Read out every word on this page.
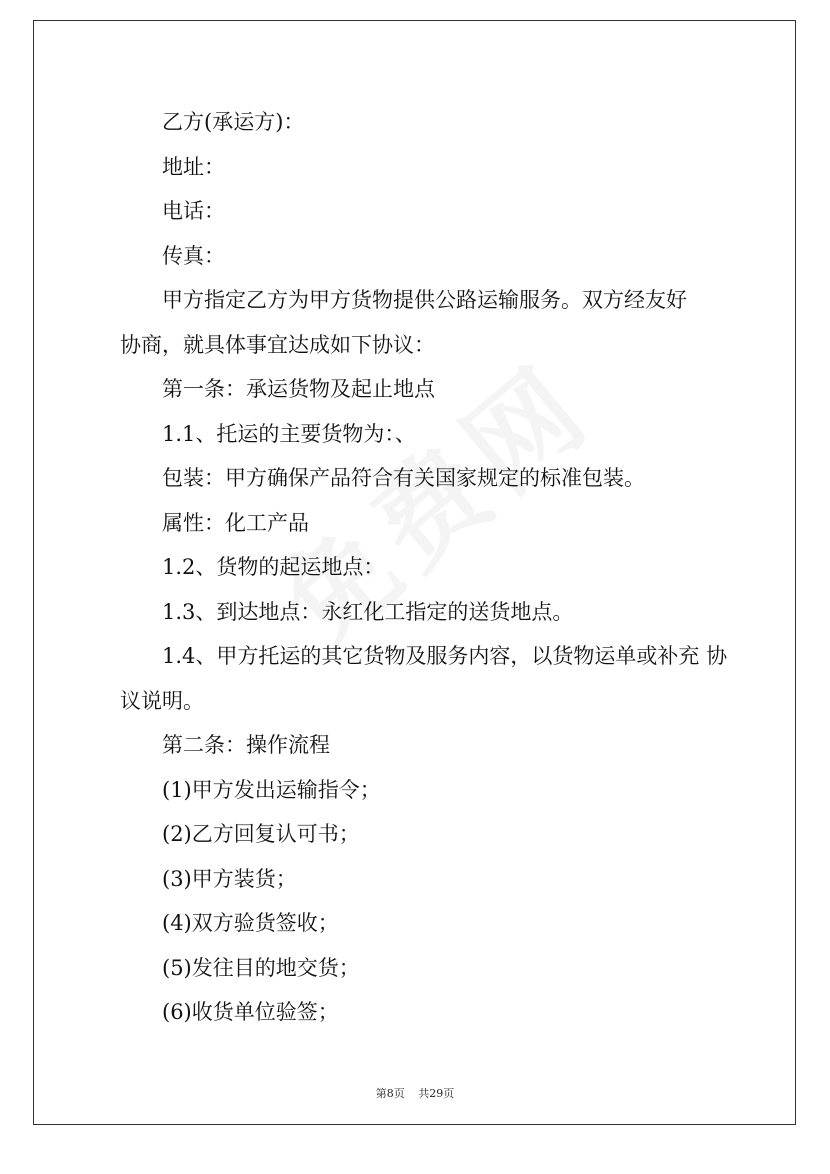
乙方(承运方)：
地址：
电话：
传真：
甲方指定乙方为甲方货物提供公路运输服务。双方经友好
协商，就具体事宜达成如下协议：
第一条：承运货物及起止地点
1.1、托运的主要货物为：、
包装：甲方确保产品符合有关国家规定的标准包装。
属性：化工产品
1.2、货物的起运地点：
1.3、到达地点：永红化工指定的送货地点。
1.4、甲方托运的其它货物及服务内容，以货物运单或补充 协
议说明。
第二条：操作流程
(1)甲方发出运输指令；
(2)乙方回复认可书；
(3)甲方装货；
(4)双方验货签收；
(5)发往目的地交货；
(6)收货单位验签；
第8页 共29页
